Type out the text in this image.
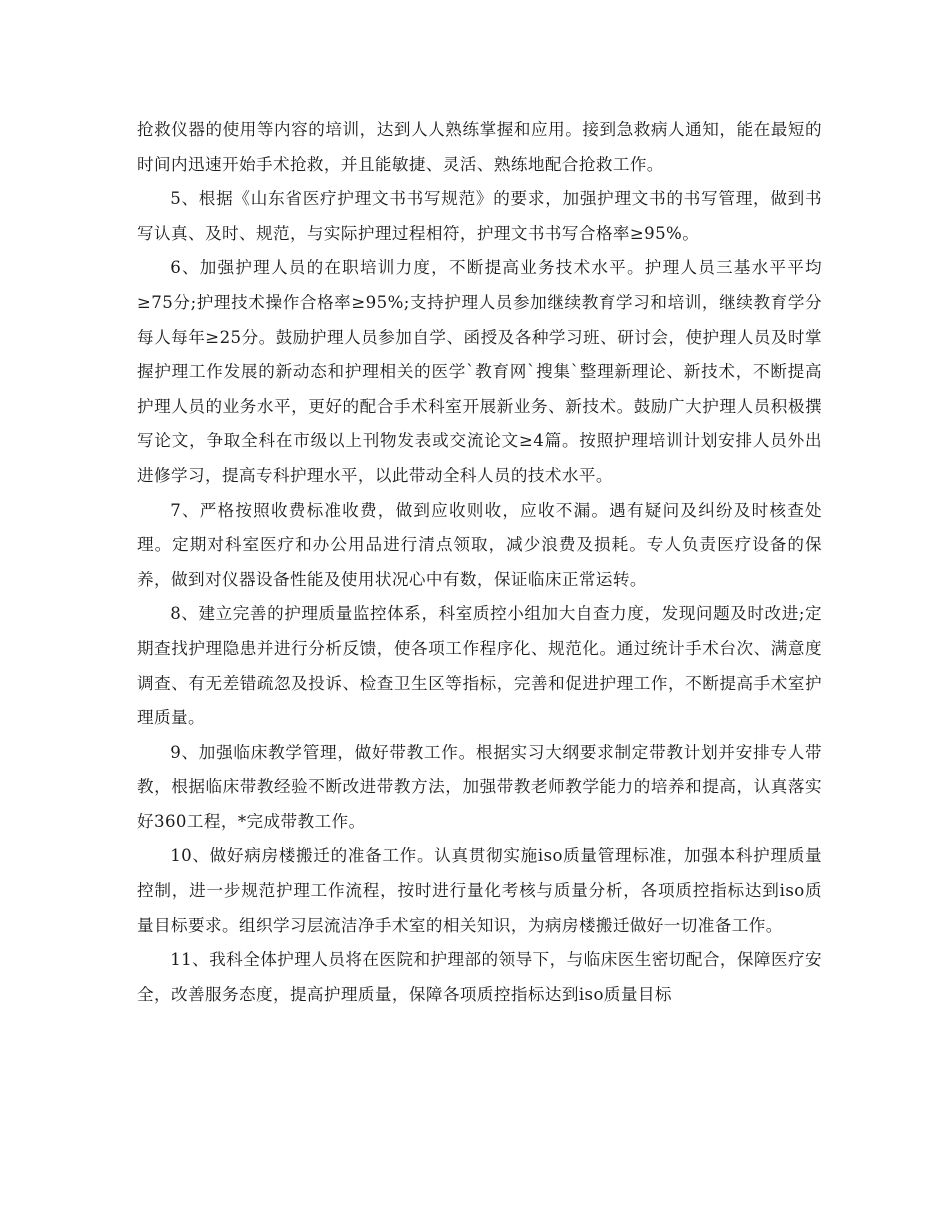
抢救仪器的使用等内容的培训，达到人人熟练掌握和应用。接到急救病人通知，能在最短的时间内迅速开始手术抢救，并且能敏捷、灵活、熟练地配合抢救工作。

5、根据《山东省医疗护理文书书写规范》的要求，加强护理文书的书写管理，做到书写认真、及时、规范，与实际护理过程相符，护理文书书写合格率≥95%。

6、加强护理人员的在职培训力度，不断提高业务技术水平。护理人员三基水平平均≥75分;护理技术操作合格率≥95%;支持护理人员参加继续教育学习和培训，继续教育学分每人每年≥25分。鼓励护理人员参加自学、函授及各种学习班、研讨会，使护理人员及时掌握护理工作发展的新动态和护理相关的医学`教育网`搜集`整理新理论、新技术，不断提高护理人员的业务水平，更好的配合手术科室开展新业务、新技术。鼓励广大护理人员积极撰写论文，争取全科在市级以上刊物发表或交流论文≥4篇。按照护理培训计划安排人员外出进修学习，提高专科护理水平，以此带动全科人员的技术水平。

7、严格按照收费标准收费，做到应收则收，应收不漏。遇有疑问及纠纷及时核查处理。定期对科室医疗和办公用品进行清点领取，减少浪费及损耗。专人负责医疗设备的保养，做到对仪器设备性能及使用状况心中有数，保证临床正常运转。

8、建立完善的护理质量监控体系，科室质控小组加大自查力度，发现问题及时改进;定期查找护理隐患并进行分析反馈，使各项工作程序化、规范化。通过统计手术台次、满意度调查、有无差错疏忽及投诉、检查卫生区等指标，完善和促进护理工作，不断提高手术室护理质量。

9、加强临床教学管理，做好带教工作。根据实习大纲要求制定带教计划并安排专人带教，根据临床带教经验不断改进带教方法，加强带教老师教学能力的培养和提高，认真落实好360工程，*完成带教工作。

10、做好病房楼搬迁的准备工作。认真贯彻实施iso质量管理标准，加强本科护理质量控制，进一步规范护理工作流程，按时进行量化考核与质量分析，各项质控指标达到iso质量目标要求。组织学习层流洁净手术室的相关知识，为病房楼搬迁做好一切准备工作。

11、我科全体护理人员将在医院和护理部的领导下，与临床医生密切配合，保障医疗安全，改善服务态度，提高护理质量，保障各项质控指标达到iso质量目标
